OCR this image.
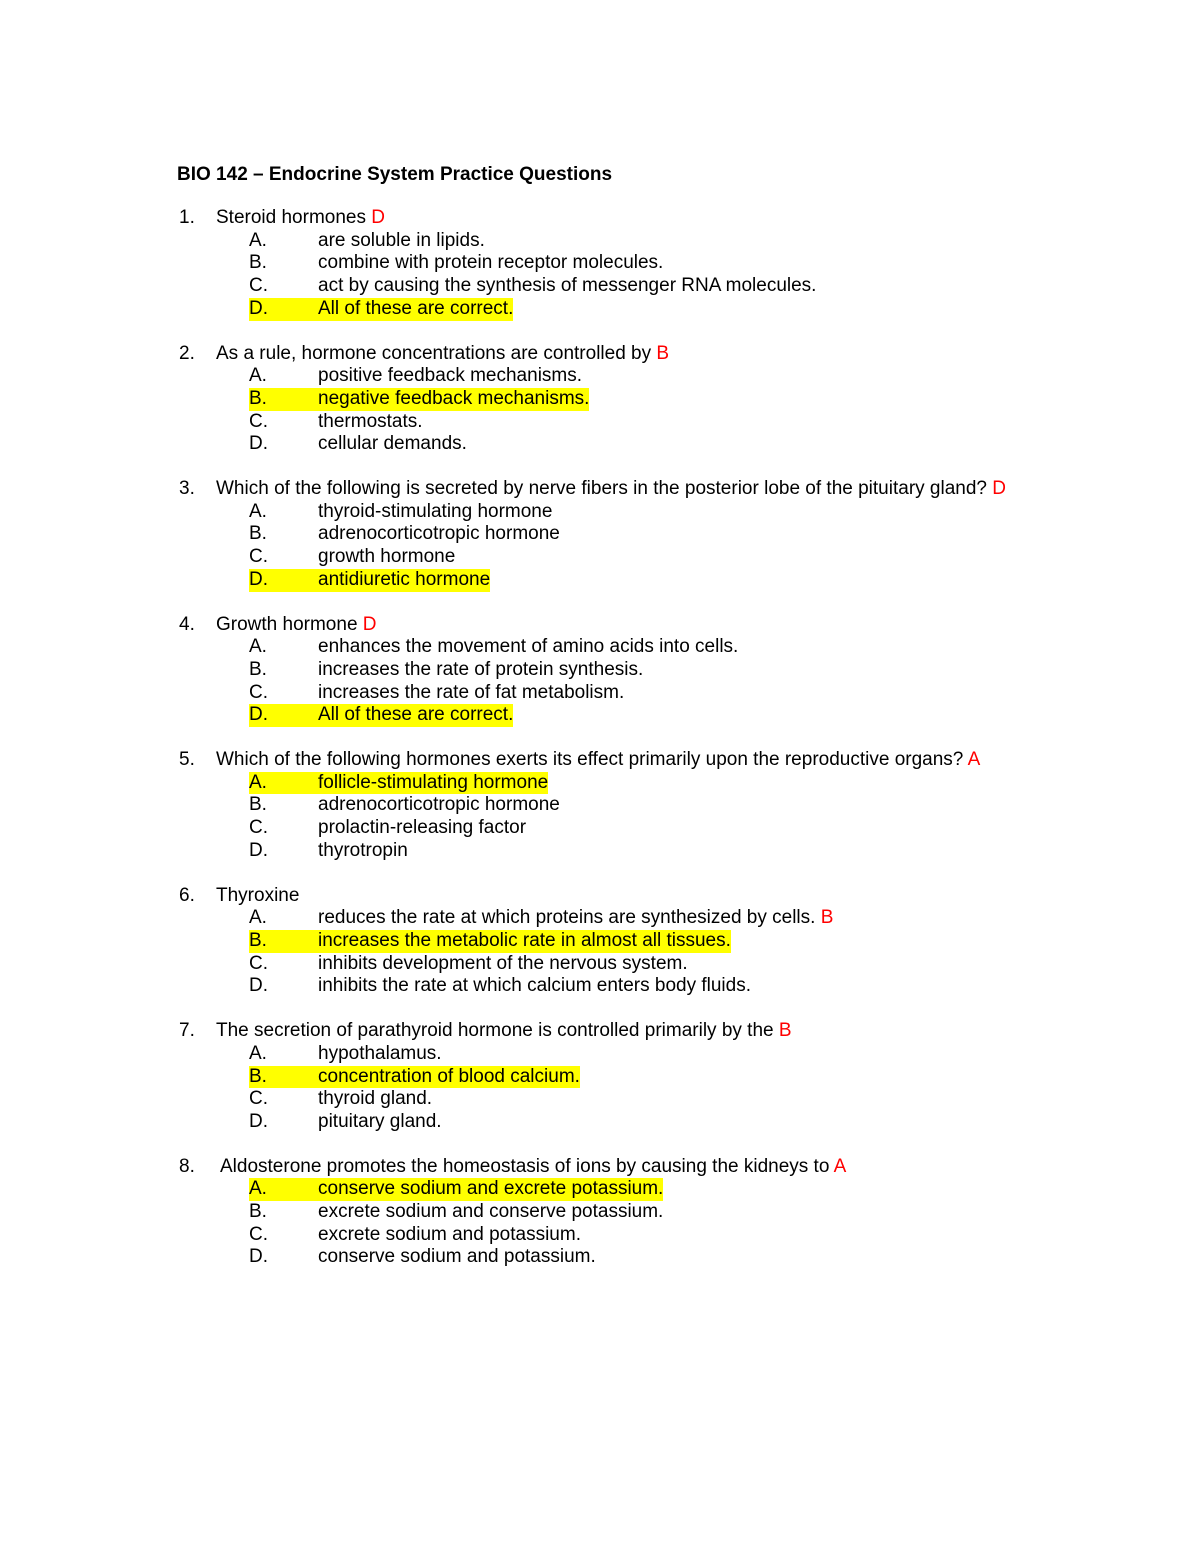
BIO 142 – Endocrine System Practice Questions
1. Steroid hormones D
A.	are soluble in lipids.
B.	combine with protein receptor molecules.
C.	act by causing the synthesis of messenger RNA molecules.
D.	All of these are correct.
2. As a rule, hormone concentrations are controlled by B
A.	positive feedback mechanisms.
B.	negative feedback mechanisms.
C.	thermostats.
D.	cellular demands.
3. Which of the following is secreted by nerve fibers in the posterior lobe of the pituitary gland? D
A.	thyroid-stimulating hormone
B.	adrenocorticotropic hormone
C.	growth hormone
D.	antidiuretic hormone
4. Growth hormone D
A.	enhances the movement of amino acids into cells.
B.	increases the rate of protein synthesis.
C.	increases the rate of fat metabolism.
D.	All of these are correct.
5. Which of the following hormones exerts its effect primarily upon the reproductive organs? A
A.	follicle-stimulating hormone
B.	adrenocorticotropic hormone
C.	prolactin-releasing factor
D.	thyrotropin
6. Thyroxine
A.	reduces the rate at which proteins are synthesized by cells. B
B.	increases the metabolic rate in almost all tissues.
C.	inhibits development of the nervous system.
D.	inhibits the rate at which calcium enters body fluids.
7. The secretion of parathyroid hormone is controlled primarily by the B
A.	hypothalamus.
B.	concentration of blood calcium.
C.	thyroid gland.
D.	pituitary gland.
8. Aldosterone promotes the homeostasis of ions by causing the kidneys to A
A.	conserve sodium and excrete potassium.
B.	excrete sodium and conserve potassium.
C.	excrete sodium and potassium.
D.	conserve sodium and potassium.
